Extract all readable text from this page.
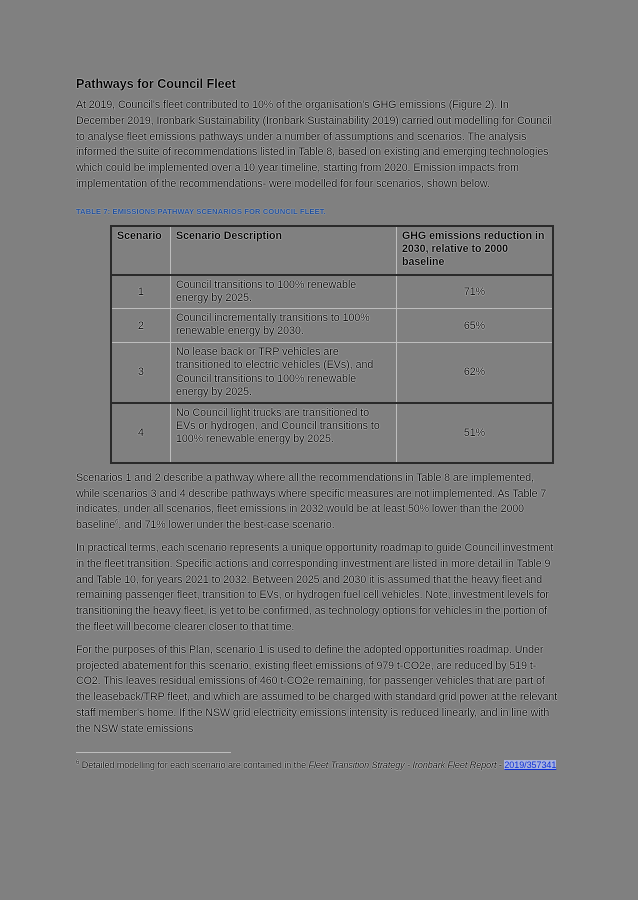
Pathways for Council Fleet

At 2019, Council's fleet contributed to 10% of the organisation's GHG emissions (Figure 2). In December 2019, Ironbark Sustainability (Ironbark Sustainability 2019) carried out modelling for Council to analyse fleet emissions pathways under a number of assumptions and scenarios. The analysis informed the suite of recommendations listed in Table 8, based on existing and emerging technologies which could be implemented over a 10 year timeline, starting from 2020. Emission impacts from implementation of the recommendations- were modelled for four scenarios, shown below.

TABLE 7: EMISSIONS PATHWAY SCENARIOS FOR COUNCIL FLEET.
Scenario	Scenario Description	GHG emissions reduction in 2030, relative to 2000 baseline
1	Council transitions to 100% renewable energy by 2025.	71%
2	Council incrementally transitions to 100% renewable energy by 2030.	65%
3	No lease back or TRP vehicles are transitioned to electric vehicles (EVs), and Council transitions to 100% renewable energy by 2025.	62%
4	No Council light trucks are transitioned to EVs or hydrogen, and Council transitions to 100% renewable energy by 2025.	51%

Scenarios 1 and 2 describe a pathway where all the recommendations in Table 8 are implemented, while scenarios 3 and 4 describe pathways where specific measures are not implemented. As Table 7 indicates, under all scenarios, fleet emissions in 2032 would be at least 50% lower than the 2000 baseline$^6$, and 71% lower under the best-case scenario.

In practical terms, each scenario represents a unique opportunity roadmap to guide Council investment in the fleet transition. Specific actions and corresponding investment are listed in more detail in Table 9 and Table 10, for years 2021 to 2032. Between 2025 and 2030 it is assumed that the heavy fleet and remaining passenger fleet, transition to EVs, or hydrogen fuel cell vehicles. Note, investment levels for transitioning the heavy fleet, is yet to be confirmed, as technology options for vehicles in the portion of the fleet will become clearer closer to that time.

For the purposes of this Plan, scenario 1 is used to define the adopted opportunities roadmap. Under projected abatement for this scenario, existing fleet emissions of 979 t-CO2e, are reduced by 519 t-CO2. This leaves residual emissions of 460 t-CO2e remaining, for passenger vehicles that are part of the leaseback/TRP fleet, and which are assumed to be charged with standard grid power at the relevant staff member's home. If the NSW grid electricity emissions intensity is reduced linearly, and in line with the NSW state emissions

$^6$ Detailed modelling for each scenario are contained in the Fleet Transition Strategy - Ironbark Fleet Report - 2019/357341
